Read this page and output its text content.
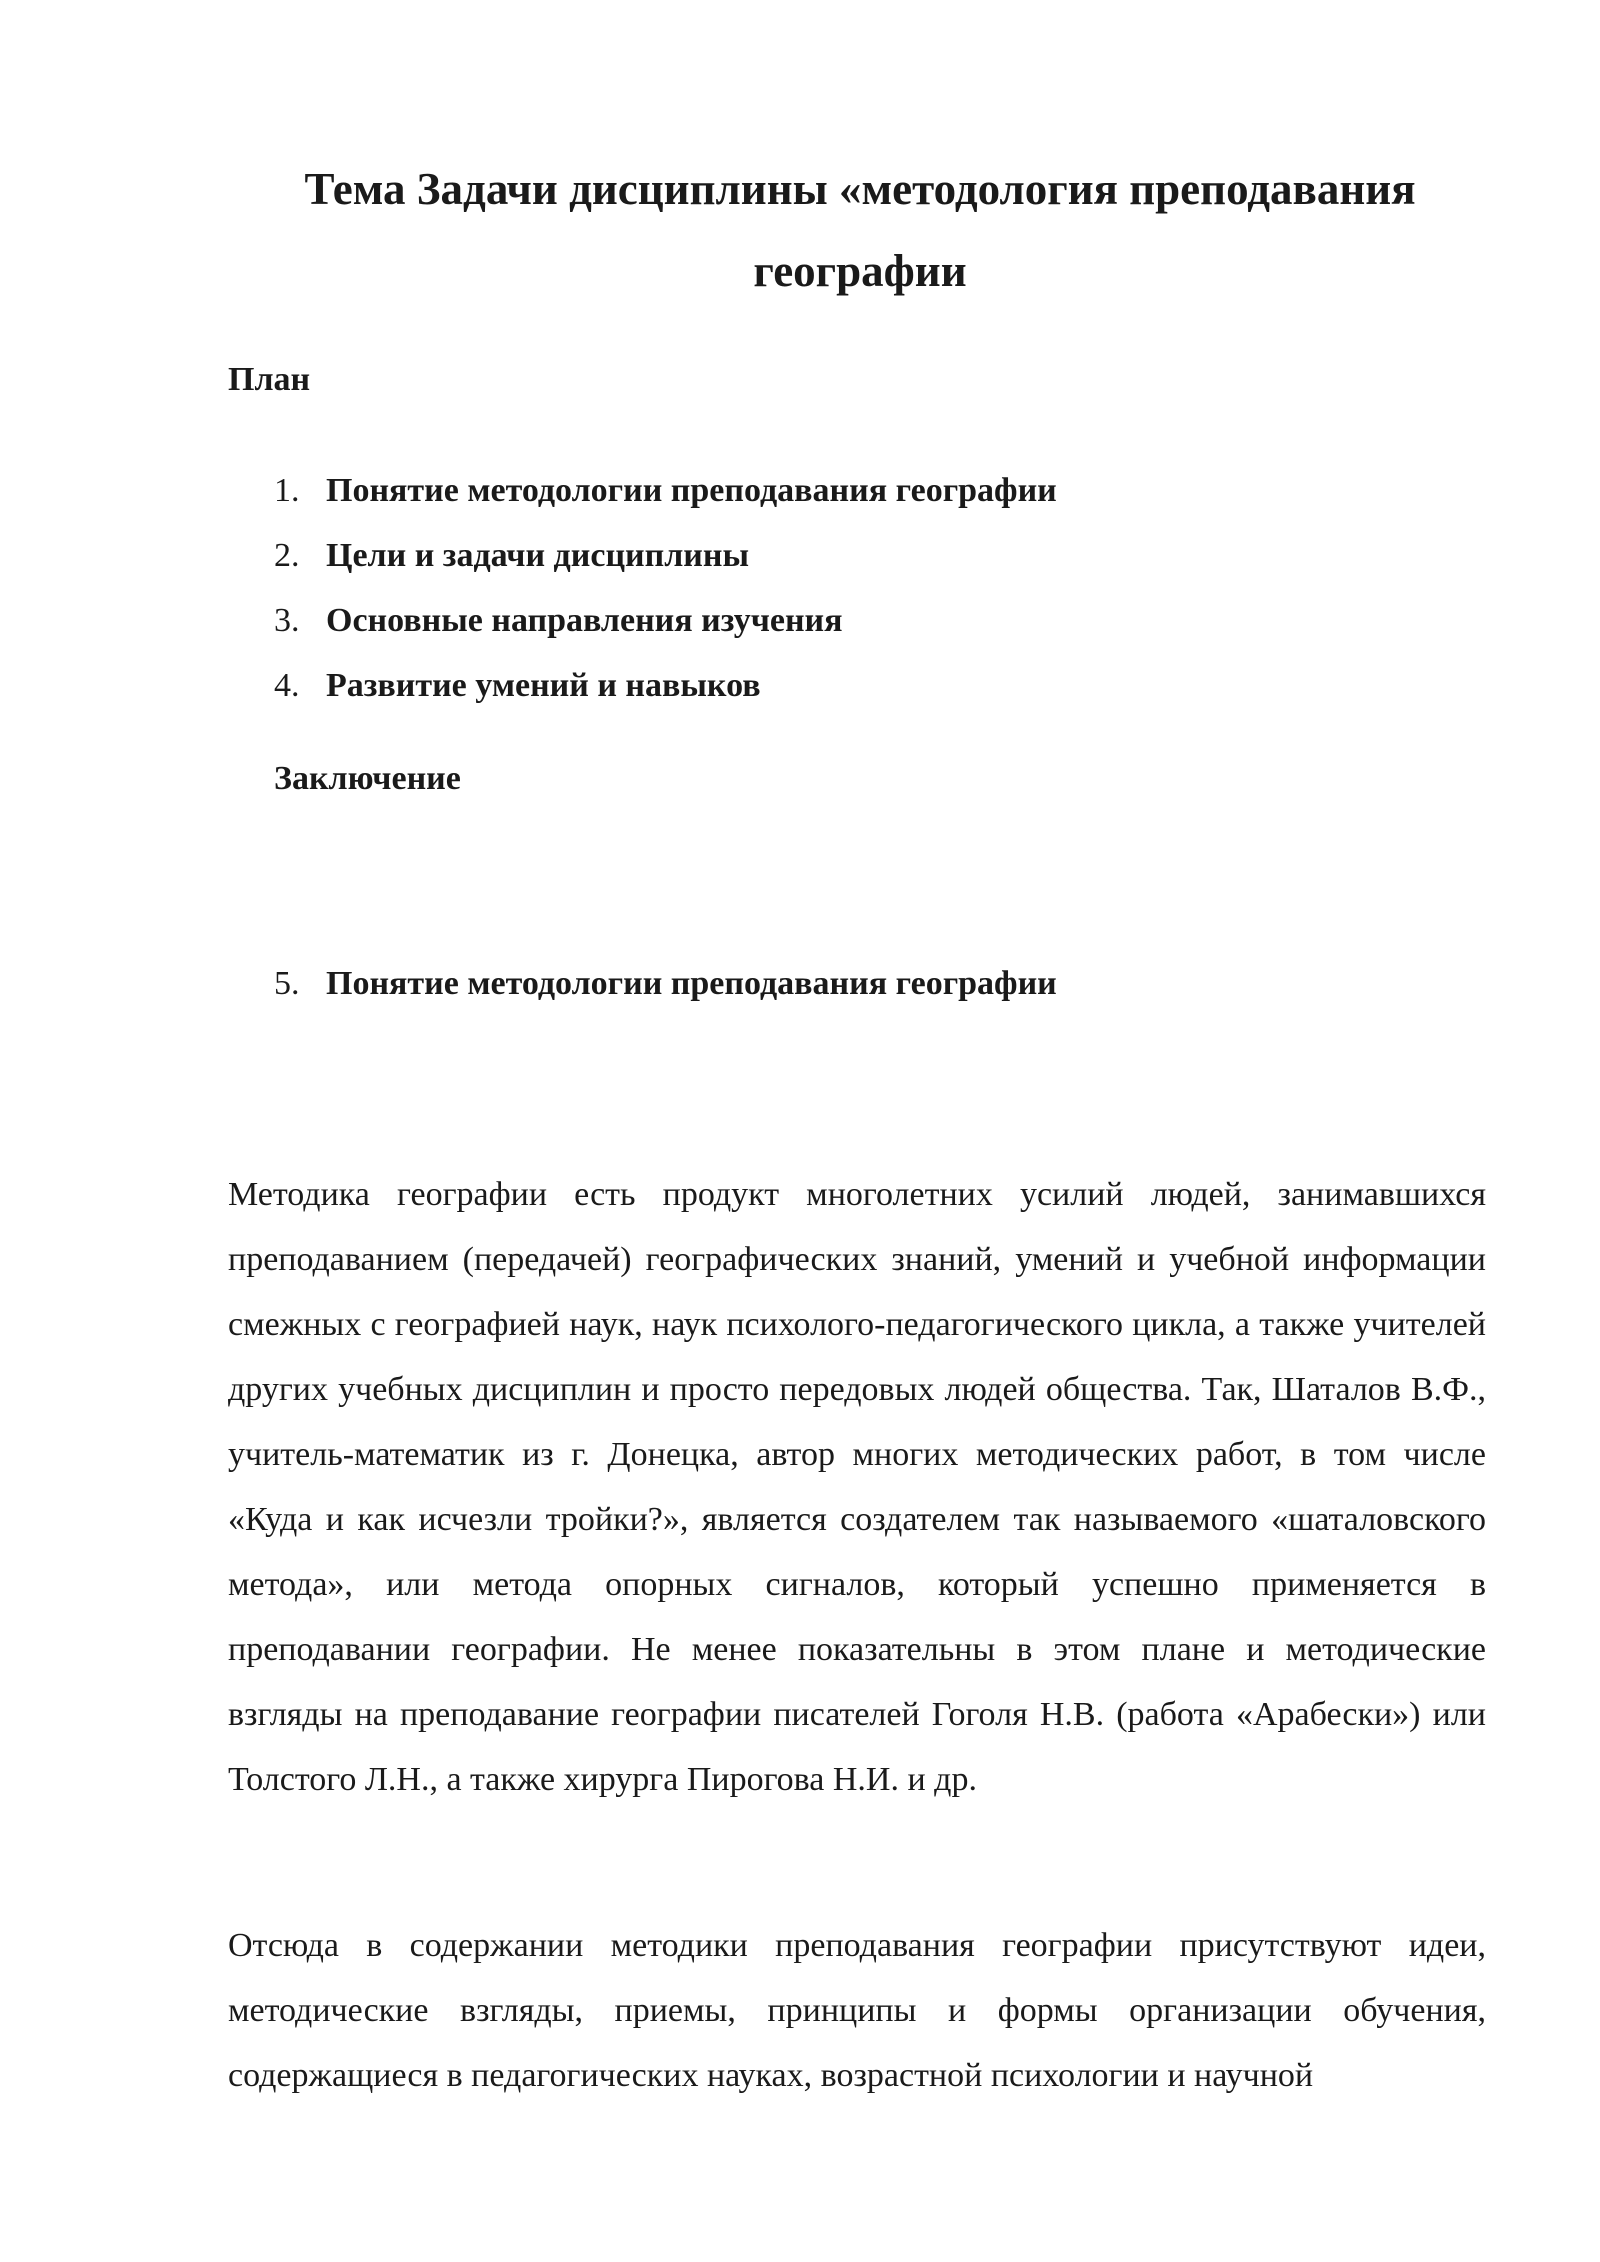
Тема Задачи дисциплины «методология преподавания географии

План

1. Понятие методологии преподавания географии
2. Цели и задачи дисциплины
3. Основные направления изучения
4. Развитие умений и навыков

Заключение

5. Понятие методологии преподавания географии

Методика географии есть продукт многолетних усилий людей, занимавшихся преподаванием (передачей) географических знаний, умений и учебной информации смежных с географией наук, наук психолого-педагогического цикла, а также учителей других учебных дисциплин и просто передовых людей общества. Так, Шаталов В.Ф., учитель-математик из г. Донецка, автор многих методических работ, в том числе «Куда и как исчезли тройки?», является создателем так называемого «шаталовского метода», или метода опорных сигналов, который успешно применяется в преподавании географии. Не менее показательны в этом плане и методические взгляды на преподавание географии писателей Гоголя Н.В. (работа «Арабески») или Толстого Л.Н., а также хирурга Пирогова Н.И. и др.

Отсюда в содержании методики преподавания географии присутствуют идеи, методические взгляды, приемы, принципы и формы организации обучения, содержащиеся в педагогических науках, возрастной психологии и научной
